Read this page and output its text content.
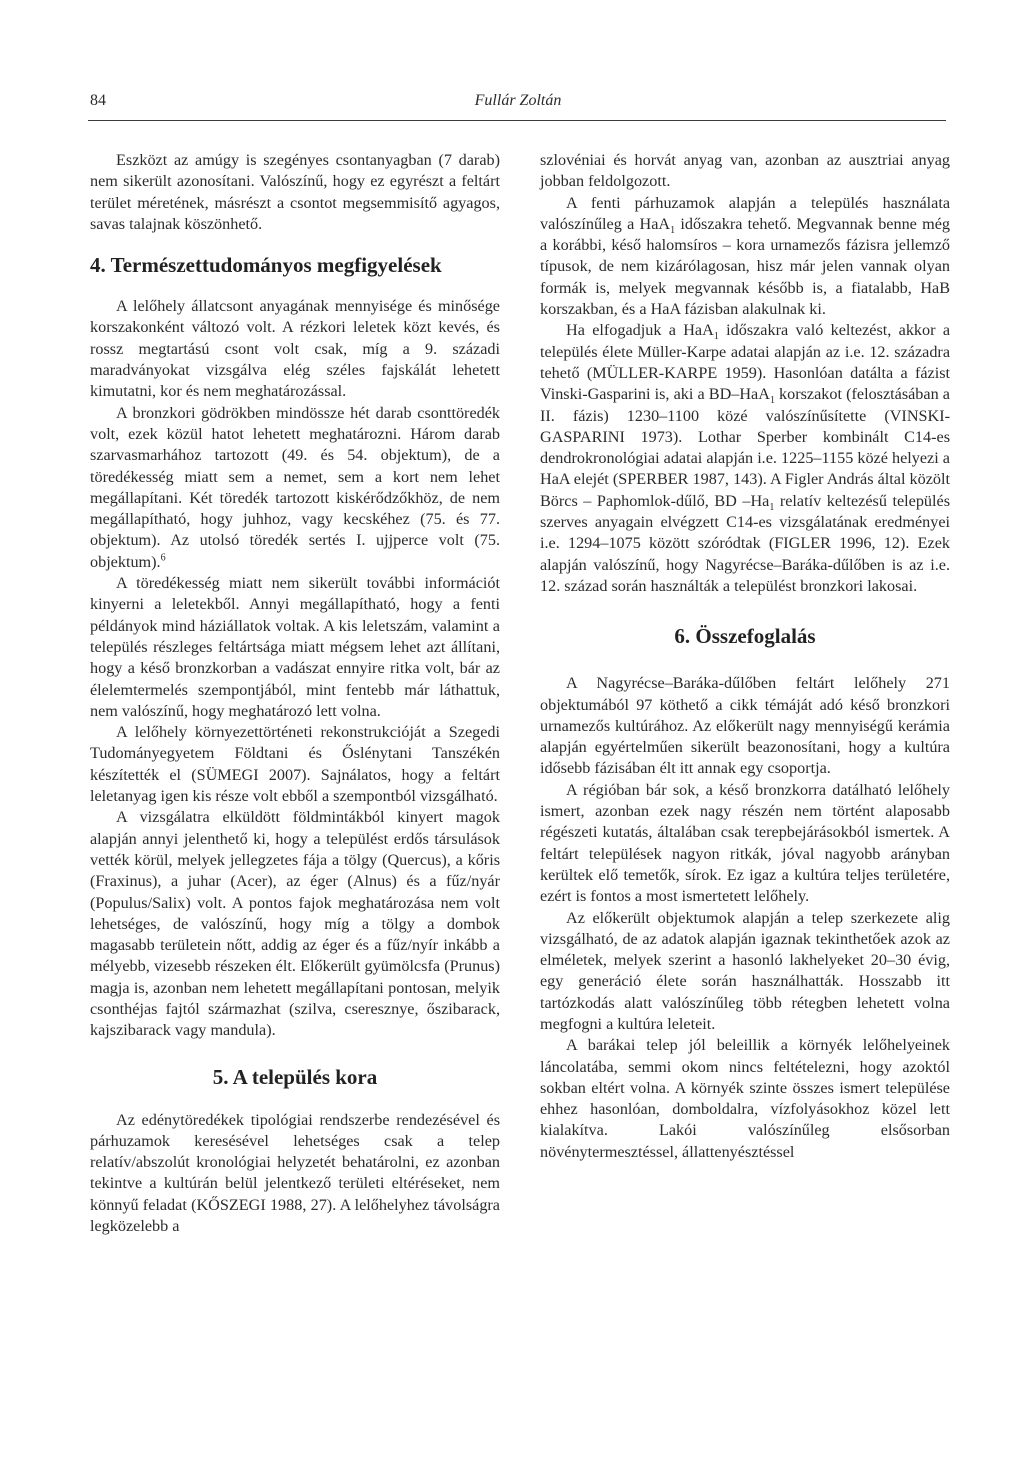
84	Fullár Zoltán

Eszközt az amúgy is szegényes csontanyagban (7 darab) nem sikerült azonosítani. Valószínű, hogy ez egyrészt a feltárt terület méretének, másrészt a csontot megsemmisítő agyagos, savas talajnak köszönhető.

4. Természettudományos megfigyelések

A lelőhely állatcsont anyagának mennyisége és minősége korszakonként változó volt. A rézkori leletek közt kevés, és rossz megtartású csont volt csak, míg a 9. századi maradványokat vizsgálva elég széles fajskálát lehetett kimutatni, kor és nem meghatározással.

A bronzkori gödrökben mindössze hét darab csonttöredék volt, ezek közül hatot lehetett meghatározni. Három darab szarvasmarhához tartozott (49. és 54. objektum), de a töredékesség miatt sem a nemet, sem a kort nem lehet megállapítani. Két töredék tartozott kiskérődzőkhöz, de nem megállapítható, hogy juhhoz, vagy kecskéhez (75. és 77. objektum). Az utolsó töredék sertés I. ujjperce volt (75. objektum).$^6$

A töredékesség miatt nem sikerült további információt kinyerni a leletekből. Annyi megállapítható, hogy a fenti példányok mind háziállatok voltak. A kis leletszám, valamint a település részleges feltártsága miatt mégsem lehet azt állítani, hogy a késő bronzkorban a vadászat ennyire ritka volt, bár az élelemtermelés szempontjából, mint fentebb már láthattuk, nem valószínű, hogy meghatározó lett volna.

A lelőhely környezettörténeti rekonstrukcióját a Szegedi Tudományegyetem Földtani és Őslénytani Tanszékén készítették el (SÜMEGI 2007). Sajnálatos, hogy a feltárt leletanyag igen kis része volt ebből a szempontból vizsgálható.

A vizsgálatra elküldött földmintákból kinyert magok alapján annyi jelenthető ki, hogy a települést erdős társulások vették körül, melyek jellegzetes fája a tölgy (Quercus), a kőris (Fraxinus), a juhar (Acer), az éger (Alnus) és a fűz/nyár (Populus/Salix) volt. A pontos fajok meghatározása nem volt lehetséges, de valószínű, hogy míg a tölgy a dombok magasabb területein nőtt, addig az éger és a fűz/nyír inkább a mélyebb, vizesebb részeken élt. Előkerült gyümölcsfa (Prunus) magja is, azonban nem lehetett megállapítani pontosan, melyik csonthéjas fajtól származhat (szilva, cseresznye, őszibarack, kajszibarack vagy mandula).

5. A település kora

Az edénytöredékek tipológiai rendszerbe rendezésével és párhuzamok keresésével lehetséges csak a telep relatív/abszolút kronológiai helyzetét behatárolni, ez azonban tekintve a kultúrán belül jelentkező területi eltéréseket, nem könnyű feladat (KŐSZEGI 1988, 27). A lelőhelyhez távolságra legközelebb a

szlovéniai és horvát anyag van, azonban az ausztriai anyag jobban feldolgozott.

A fenti párhuzamok alapján a település használata valószínűleg a HaA$_1$ időszakra tehető. Megvannak benne még a korábbi, késő halomsíros – kora urnamezős fázisra jellemző típusok, de nem kizárólagosan, hisz már jelen vannak olyan formák is, melyek megvannak később is, a fiatalabb, HaB korszakban, és a HaA fázisban alakulnak ki.

Ha elfogadjuk a HaA$_1$ időszakra való keltezést, akkor a település élete Müller-Karpe adatai alapján az i.e. 12. századra tehető (MÜLLER-KARPE 1959). Hasonlóan datálta a fázist Vinski-Gasparini is, aki a BD–HaA$_1$ korszakot (felosztásában a II. fázis) 1230–1100 közé valószínűsítette (VINSKI-GASPARINI 1973). Lothar Sperber kombinált C14-es dendrokronológiai adatai alapján i.e. 1225–1155 közé helyezi a HaA elejét (SPERBER 1987, 143). A Figler András által közölt Börcs – Paphomlok-dűlő, BD $-Ha_1$ relatív keltezésű település szerves anyagain elvégzett C14-es vizsgálatának eredményei i.e. 1294–1075 között szóródtak (FIGLER 1996, 12). Ezek alapján valószínű, hogy Nagyrécse–Baráka-dűlőben is az i.e. 12. század során használták a települést bronzkori lakosai.

6. Összefoglalás

A Nagyrécse–Baráka-dűlőben feltárt lelőhely 271 objektumából 97 köthető a cikk témáját adó késő bronzkori urnamezős kultúrához. Az előkerült nagy mennyiségű kerámia alapján egyértelműen sikerült beazonosítani, hogy a kultúra idősebb fázisában élt itt annak egy csoportja.

A régióban bár sok, a késő bronzkorra datálható lelőhely ismert, azonban ezek nagy részén nem történt alaposabb régészeti kutatás, általában csak terepbejárásokból ismertek. A feltárt települések nagyon ritkák, jóval nagyobb arányban kerültek elő temetők, sírok. Ez igaz a kultúra teljes területére, ezért is fontos a most ismertetett lelőhely.

Az előkerült objektumok alapján a telep szerkezete alig vizsgálható, de az adatok alapján igaznak tekinthetőek azok az elméletek, melyek szerint a hasonló lakhelyeket 20–30 évig, egy generáció élete során használhatták. Hosszabb itt tartózkodás alatt valószínűleg több rétegben lehetett volna megfogni a kultúra leleteit.

A barákai telep jól beleillik a környék lelőhelyeinek láncolatába, semmi okom nincs feltételezni, hogy azoktól sokban eltért volna. A környék szinte összes ismert települése ehhez hasonlóan, domboldalra, vízfolyásokhoz közel lett kialakítva. Lakói valószínűleg elsősorban növénytermesztéssel, állattenyésztéssel
